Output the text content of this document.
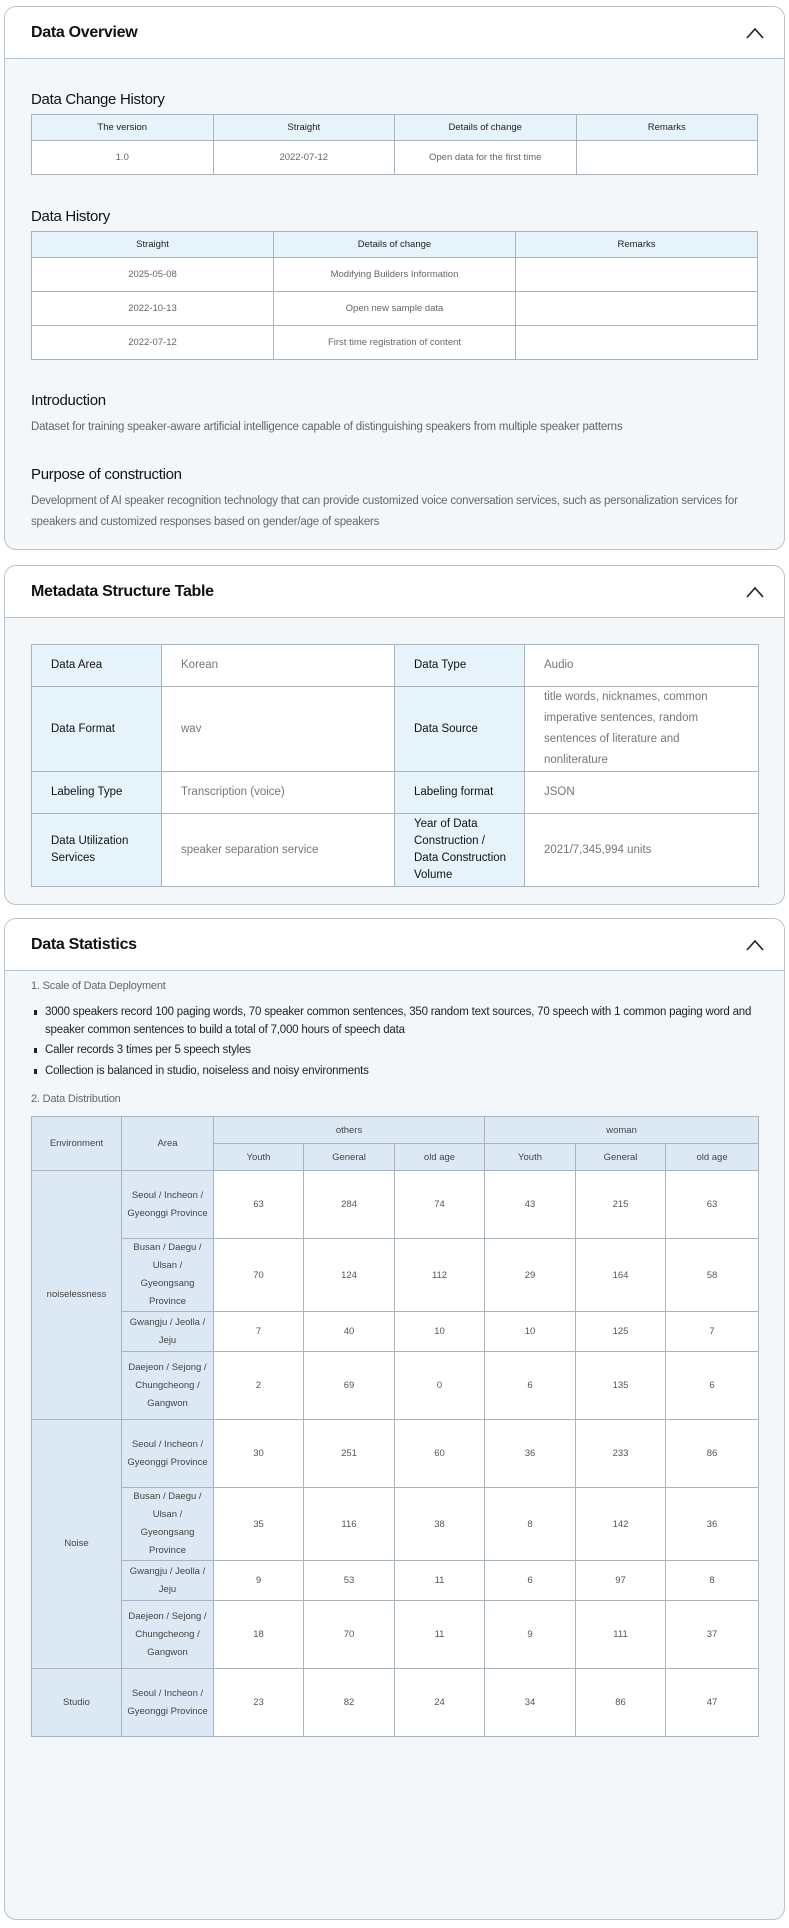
Data Overview
Data Change History
The version	Straight	Details of change	Remarks
1.0	2022-07-12	Open data for the first time	
Data History
Straight	Details of change	Remarks
2025-05-08	Modifying Builders Information	
2022-10-13	Open new sample data	
2022-07-12	First time registration of content	
Introduction

Dataset for training speaker-aware artificial intelligence capable of distinguishing speakers from multiple speaker patterns

Purpose of construction

Development of AI speaker recognition technology that can provide customized voice conversation services, such as personalization services for speakers and customized responses based on gender/age of speakers

Metadata Structure Table
Data Area	Korean	Data Type	Audio
Data Format	wav	Data Source	title words, nicknames, common imperative sentences, random sentences of literature and nonliterature
Labeling Type	Transcription (voice)	Labeling format	JSON
Data Utilization Services	speaker separation service	Year of Data Construction / Data Construction Volume	2021/7,345,994 units
Data Statistics
1. Scale of Data Deployment
3000 speakers record 100 paging words, 70 speaker common sentences, 350 random text sources, 70 speech with 1 common paging word and speaker common sentences to build a total of 7,000 hours of speech data
Caller records 3 times per 5 speech styles
Collection is balanced in studio, noiseless and noisy environments
2. Data Distribution
Environment	Area	others			woman		
		Youth	General	old age	Youth	General	old age
noiselessness	Seoul / Incheon / Gyeonggi Province	63	284	74	43	215	63
	Busan / Daegu / Ulsan / Gyeongsang Province	70	124	112	29	164	58
	Gwangju / Jeolla / Jeju	7	40	10	10	125	7
	Daejeon / Sejong / Chungcheong / Gangwon	2	69	0	6	135	6
Noise	Seoul / Incheon / Gyeonggi Province	30	251	60	36	233	86
	Busan / Daegu / Ulsan / Gyeongsang Province	35	116	38	8	142	36
	Gwangju / Jeolla / Jeju	9	53	11	6	97	8
	Daejeon / Sejong / Chungcheong / Gangwon	18	70	11	9	111	37
Studio	Seoul / Incheon / Gyeonggi Province	23	82	24	34	86	47
